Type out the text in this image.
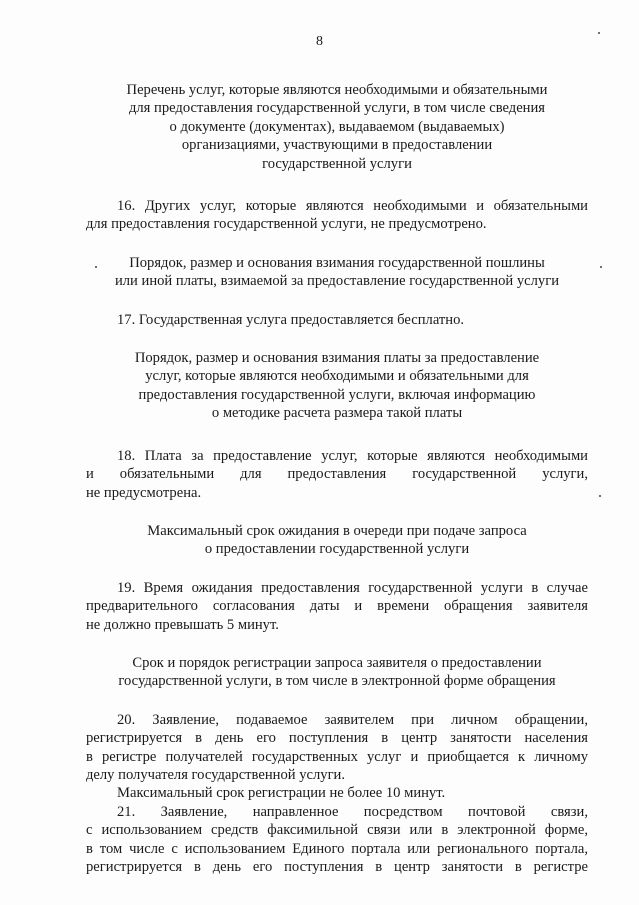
8
Перечень услуг, которые являются необходимыми и обязательными
для предоставления государственной услуги, в том числе сведения
о документе (документах), выдаваемом (выдаваемых)
организациями, участвующими в предоставлении
государственной услуги
16. Других услуг, которые являются необходимыми и обязательными
для предоставления государственной услуги, не предусмотрено.
Порядок, размер и основания взимания государственной пошлины
или иной платы, взимаемой за предоставление государственной услуги
17. Государственная услуга предоставляется бесплатно.
Порядок, размер и основания взимания платы за предоставление
услуг, которые являются необходимыми и обязательными для
предоставления государственной услуги, включая информацию
о методике расчета размера такой платы
18. Плата за предоставление услуг, которые являются необходимыми
и обязательными для предоставления государственной услуги,
не предусмотрена.
Максимальный срок ожидания в очереди при подаче запроса
о предоставлении государственной услуги
19. Время ожидания предоставления государственной услуги в случае
предварительного согласования даты и времени обращения заявителя
не должно превышать 5 минут.
Срок и порядок регистрации запроса заявителя о предоставлении
государственной услуги, в том числе в электронной форме обращения
20. Заявление, подаваемое заявителем при личном обращении,
регистрируется в день его поступления в центр занятости населения
в регистре получателей государственных услуг и приобщается к личному
делу получателя государственной услуги.
Максимальный срок регистрации не более 10 минут.
21. Заявление, направленное посредством почтовой связи,
с использованием средств факсимильной связи или в электронной форме,
в том числе с использованием Единого портала или регионального портала,
регистрируется в день его поступления в центр занятости в регистре
